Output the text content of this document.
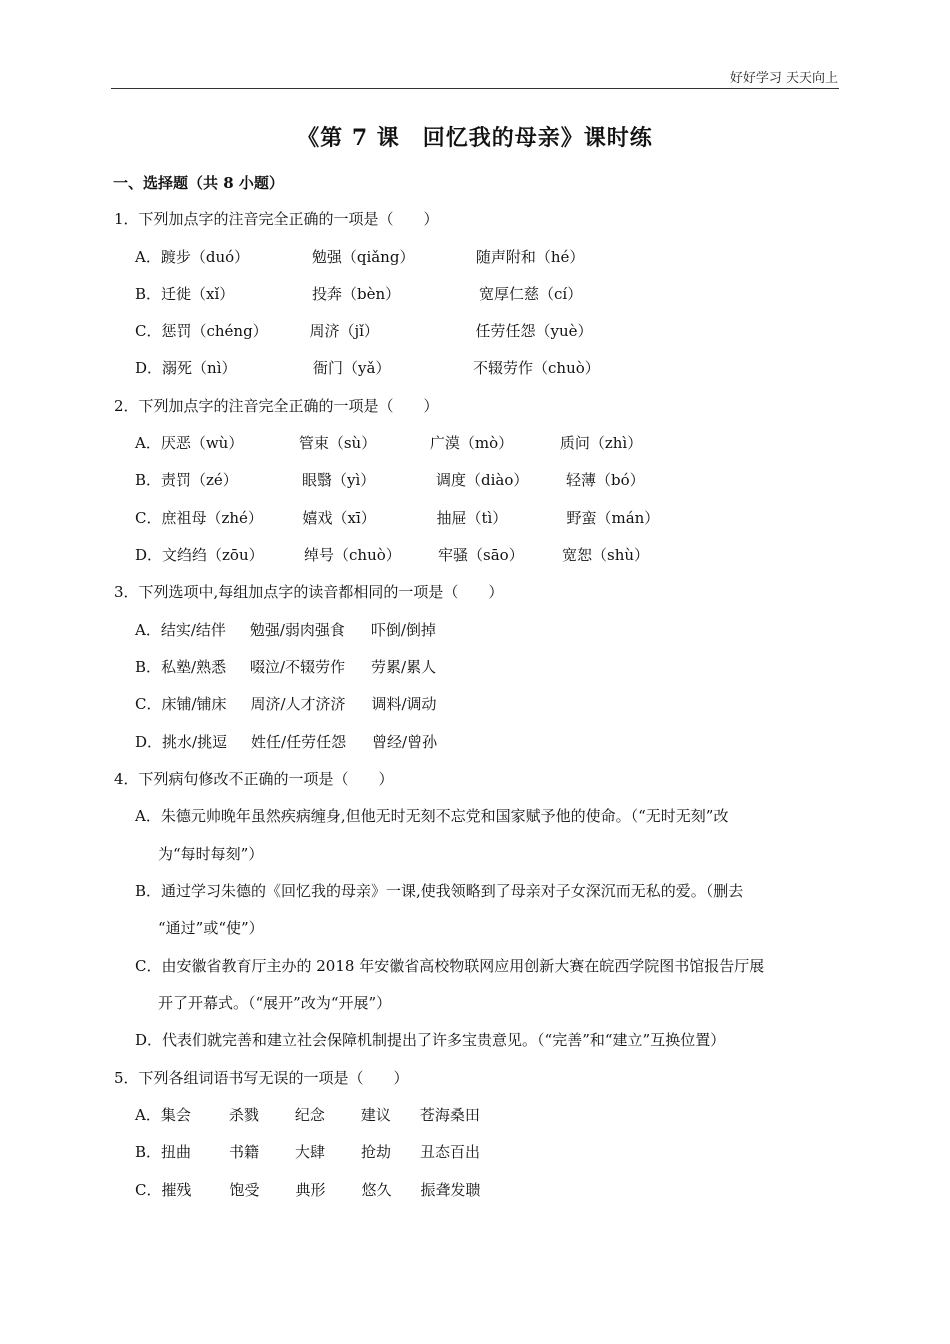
好好学习 天天向上
《第 7 课　回忆我的母亲》课时练
一、选择题（共 8 小题）
1．下列加点字的注音完全正确的一项是（　　）
A．踱步（duó）	勉强（qiǎng）	随声附和（hé）
B．迁徙（xǐ）	投奔（bèn）	宽厚仁慈（cí）
C．惩罚（chéng）	周济（jǐ）	任劳任怨（yuè）
D．溺死（nì）	衙门（yǎ）	不辍劳作（chuò）
2．下列加点字的注音完全正确的一项是（　　）
A．厌恶（wù）	管束（sù）	广漠（mò）	质问（zhì）
B．责罚（zé）	眼翳（yì）	调度（diào）	轻薄（bó）
C．庶祖母（zhé）	嬉戏（xī）	抽屉（tì）	野蛮（mán）
D．文绉绉（zōu）	绰号（chuò） 牢骚（sāo）	宽恕（shù）
3．下列选项中,每组加点字的读音都相同的一项是（　　）
A．结实/结伴 勉强/弱肉强食 吓倒/倒掉
B．私塾/熟悉 啜泣/不辍劳作 劳累/累人
C．床铺/铺床 周济/人才济济 调料/调动
D．挑水/挑逗 姓任/任劳任怨 曾经/曾孙
4．下列病句修改不正确的一项是（　　）
A．朱德元帅晚年虽然疾病缠身,但他无时无刻不忘党和国家赋予他的使命。（“无时无刻”改
为“每时每刻”）
B．通过学习朱德的《回忆我的母亲》一课,使我领略到了母亲对子女深沉而无私的爱。（删去
“通过”或“使”）
C．由安徽省教育厅主办的 2018 年安徽省高校物联网应用创新大赛在皖西学院图书馆报告厅展
开了开幕式。（“展开”改为“开展”）
D．代表们就完善和建立社会保障机制提出了许多宝贵意见。（“完善”和“建立”互换位置）
5．下列各组词语书写无误的一项是（　　）
A．集会	杀戮 纪念 建议 苍海桑田
B．扭曲	书籍 大肆 抢劫 丑态百出
C．摧残	饱受 典形 悠久 振聋发聩
